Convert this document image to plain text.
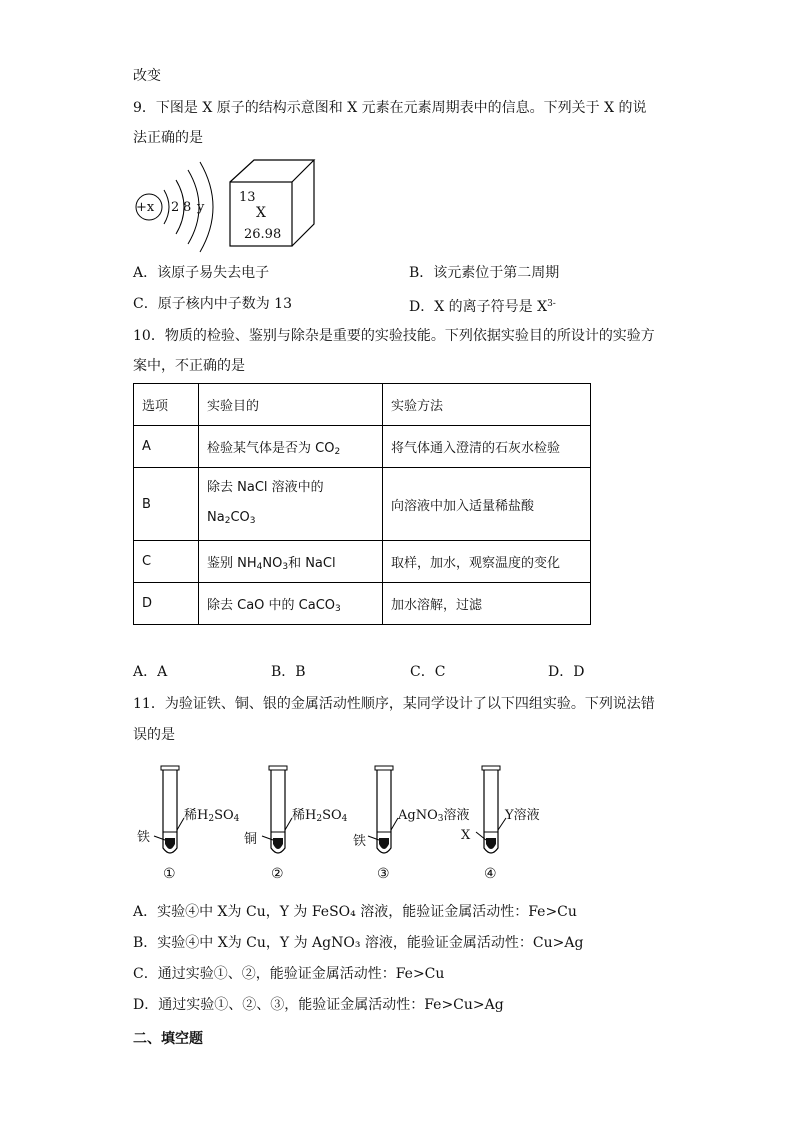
改变
9．下图是 X 原子的结构示意图和 X 元素在元素周期表中的信息。下列关于 X 的说
法正确的是
+x 2 8 y
13
X
26.98
A．该原子易失去电子	B．该元素位于第二周期
C．原子核内中子数为 13	D．X 的离子符号是 $X^{3-}$
10．物质的检验、鉴别与除杂是重要的实验技能。下列依据实验目的所设计的实验方
案中，不正确的是
选项	实验目的	实验方法
A	检验某气体是否为 $CO_2$	将气体通入澄清的石灰水检验
B	除去 NaCl 溶液中的
$Na_2CO_3$	向溶液中加入适量稀盐酸
C	鉴别 $NH_4NO_3$和 NaCl	取样，加水，观察温度的变化
D	除去 CaO 中的 CaCO$_3$	加水溶解，过滤
A．A	B．B	C．C	D．D
11．为验证铁、铜、银的金属活动性顺序，某同学设计了以下四组实验。下列说法错
误的是
稀$H_2SO_4$
铁
①
稀$H_2SO_4$
铜
②
AgNO$_3$溶液
铁
③
Y溶液
X
④
A．实验④中 X为 Cu，Y 为 FeSO₄ 溶液，能验证金属活动性：Fe>Cu
B．实验④中 X为 Cu，Y 为 AgNO₃ 溶液，能验证金属活动性：Cu>Ag
C．通过实验①、②，能验证金属活动性：Fe>Cu
D．通过实验①、②、③，能验证金属活动性：Fe>Cu>Ag
二、填空题
